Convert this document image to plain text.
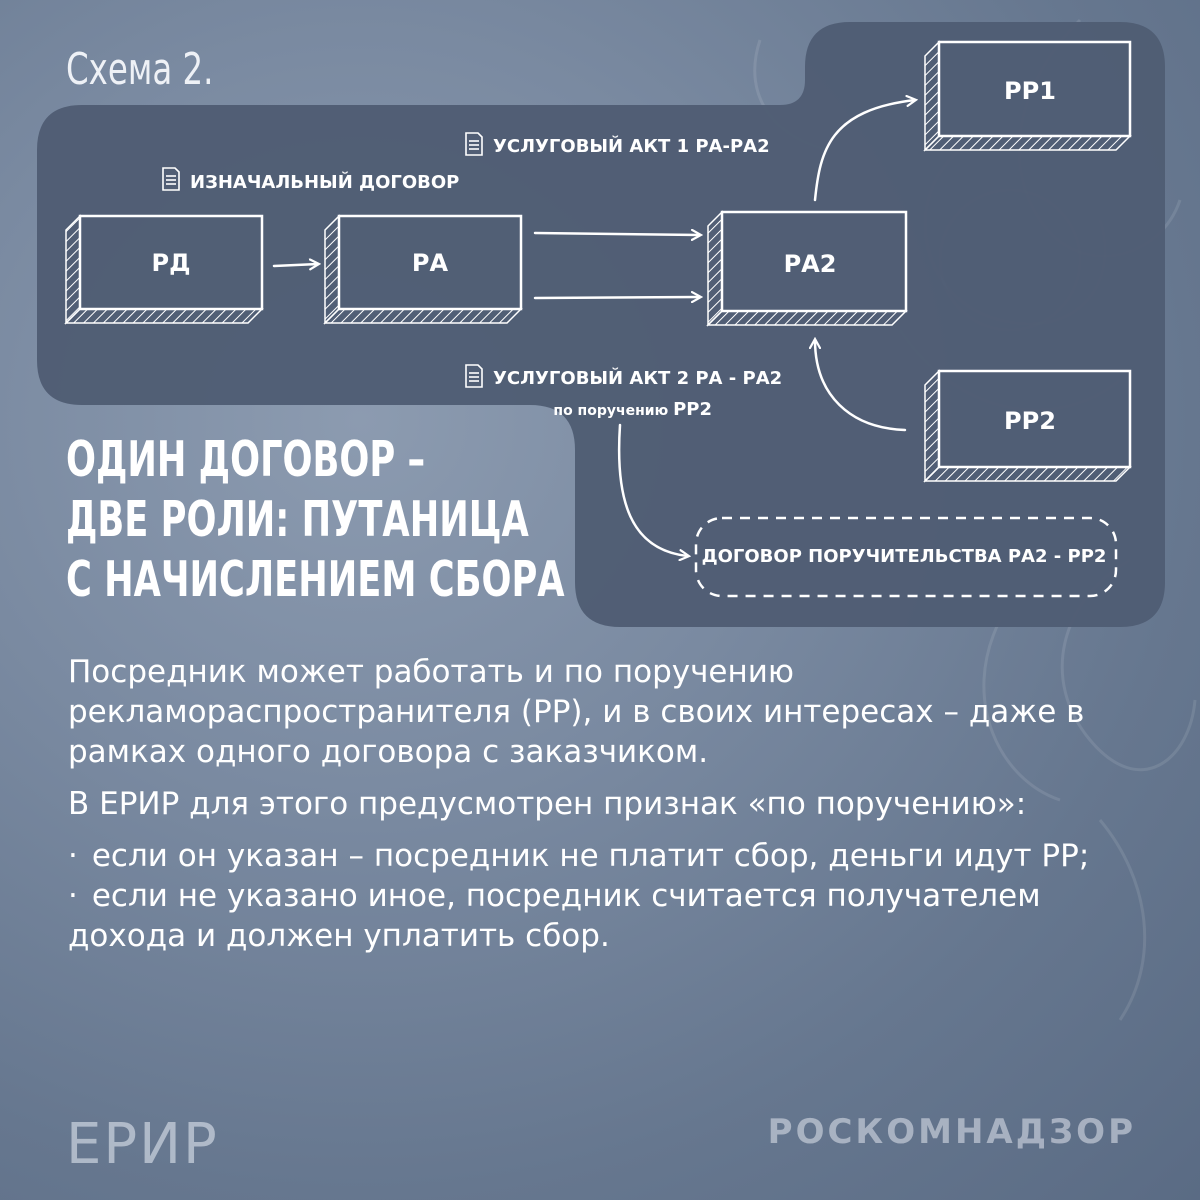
Схема 2.
РД	РА	РА2
РР1
РР2
ДОГОВОР ПОРУЧИТЕЛЬСТВА РА2 - РР2
ИЗНАЧАЛЬНЫЙ ДОГОВОР
УСЛУГОВЫЙ АКТ 1 РА-РА2
УСЛУГОВЫЙ АКТ 2 РА - РА2
по поручению РР2
ОДИН ДОГОВОР –
ДВЕ РОЛИ: ПУТАНИЦА
С НАЧИСЛЕНИЕМ СБОРА

Посредник может работать и по поручению рекламораспространителя (РР), и в своих интересах – даже в рамках одного договора с заказчиком.

В ЕРИР для этого предусмотрен признак «по поручению»:

· если он указан – посредник не платит сбор, деньги идут РР;
· если не указано иное, посредник считается получателем дохода и должен уплатить сбор.
ЕРИР	РОСКОМНАДЗОР
